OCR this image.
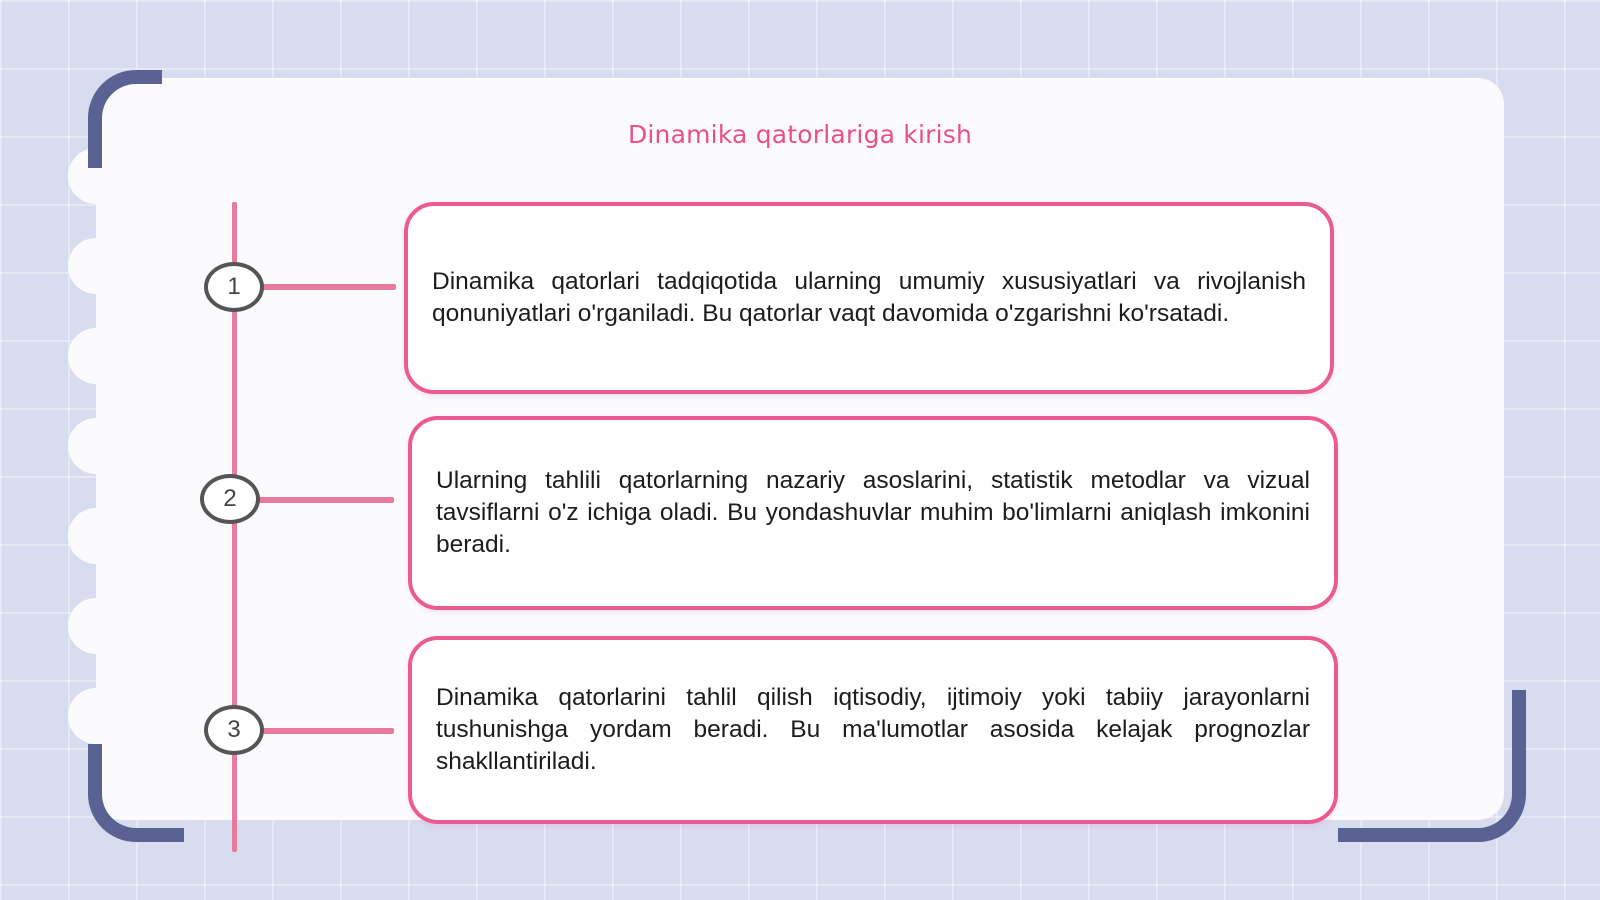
Dinamika qatorlariga kirish
1	Dinamika qatorlari tadqiqotida ularning umumiy xususiyatlari va rivojlanish qonuniyatlari o'rganiladi. Bu qatorlar vaqt davomida o'zgarishni ko'rsatadi.

2

Ularning tahlili qatorlarning nazariy asoslarini, statistik metodlar va vizual tavsiflarni o'z ichiga oladi. Bu yondashuvlar muhim bo'limlarni aniqlash imkonini beradi.

3

Dinamika qatorlarini tahlil qilish iqtisodiy, ijtimoiy yoki tabiiy jarayonlarni tushunishga yordam beradi. Bu ma'lumotlar asosida kelajak prognozlar shakllantiriladi.
